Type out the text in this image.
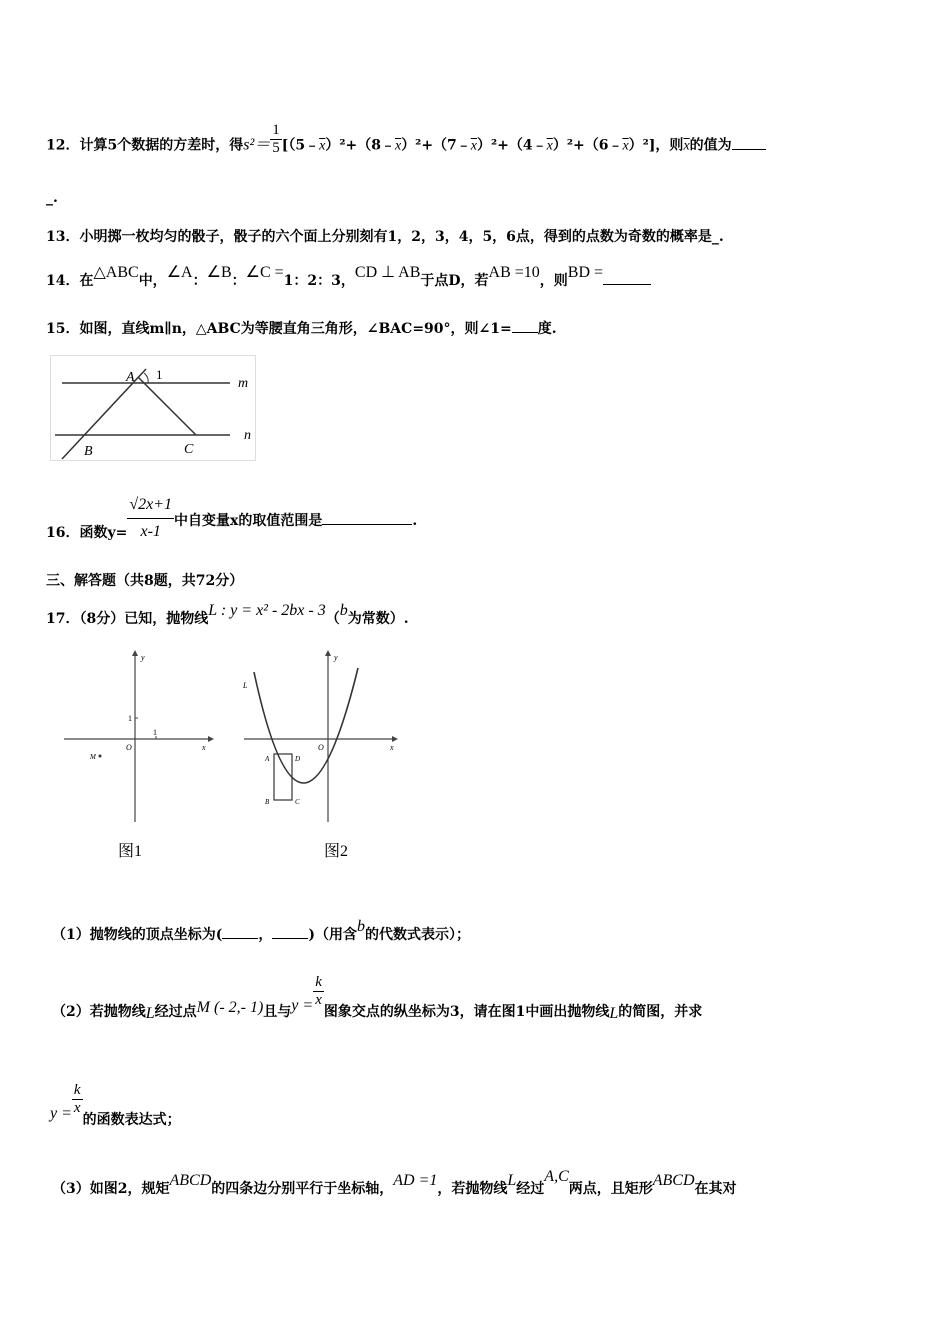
12．计算5个数据的方差时，得$s^2= \frac{1}{5}$ $[(5﹣\overline{x})^2+(8﹣\overline{x})^2+(7﹣\overline{x})^2+(4﹣\overline{x})^2+(6﹣\overline{x})^2]$，则$\overline{x}$的值为
_.
13．小明掷一枚均匀的骰子，骰子的六个面上分别刻有1，2，3，4，5，6点，得到的点数为奇数的概率是_.
14．在△ABC中，∠A：∠B：∠C =1：2：3，CD ⊥ AB于点D，若AB =10，则BD =
15．如图，直线m∥n，△ABC为等腰直角三角形，∠BAC=90°，则∠1= 度.
A 1
m
B	C
n
16．函数$y= \frac{√2x+1}{x-1}$ 中自变量x的取值范围是	.
三、解答题（共8题，共72分）
17．（8分）已知，抛物线L : y = x² - 2bx - 3（b为常数）.
y
x
O
1
1
M
图1
y
x
O
L
A	D
B	C
图2
（1）抛物线的顶点坐标为(	，	)（用含b的代数式表示）；
（2）若抛物线L经过点M (- 2,- 1)且与$y = \frac{k}{x}$
图象交点的纵坐标为3，请在图1中画出抛物线L的简图，并求
$y = \frac{k}{x}$
的函数表达式；
（3）如图2，规矩ABCD的四条边分别平行于坐标轴，AD =1，若抛物线L经过A,C两点，且矩形ABCD在其对
